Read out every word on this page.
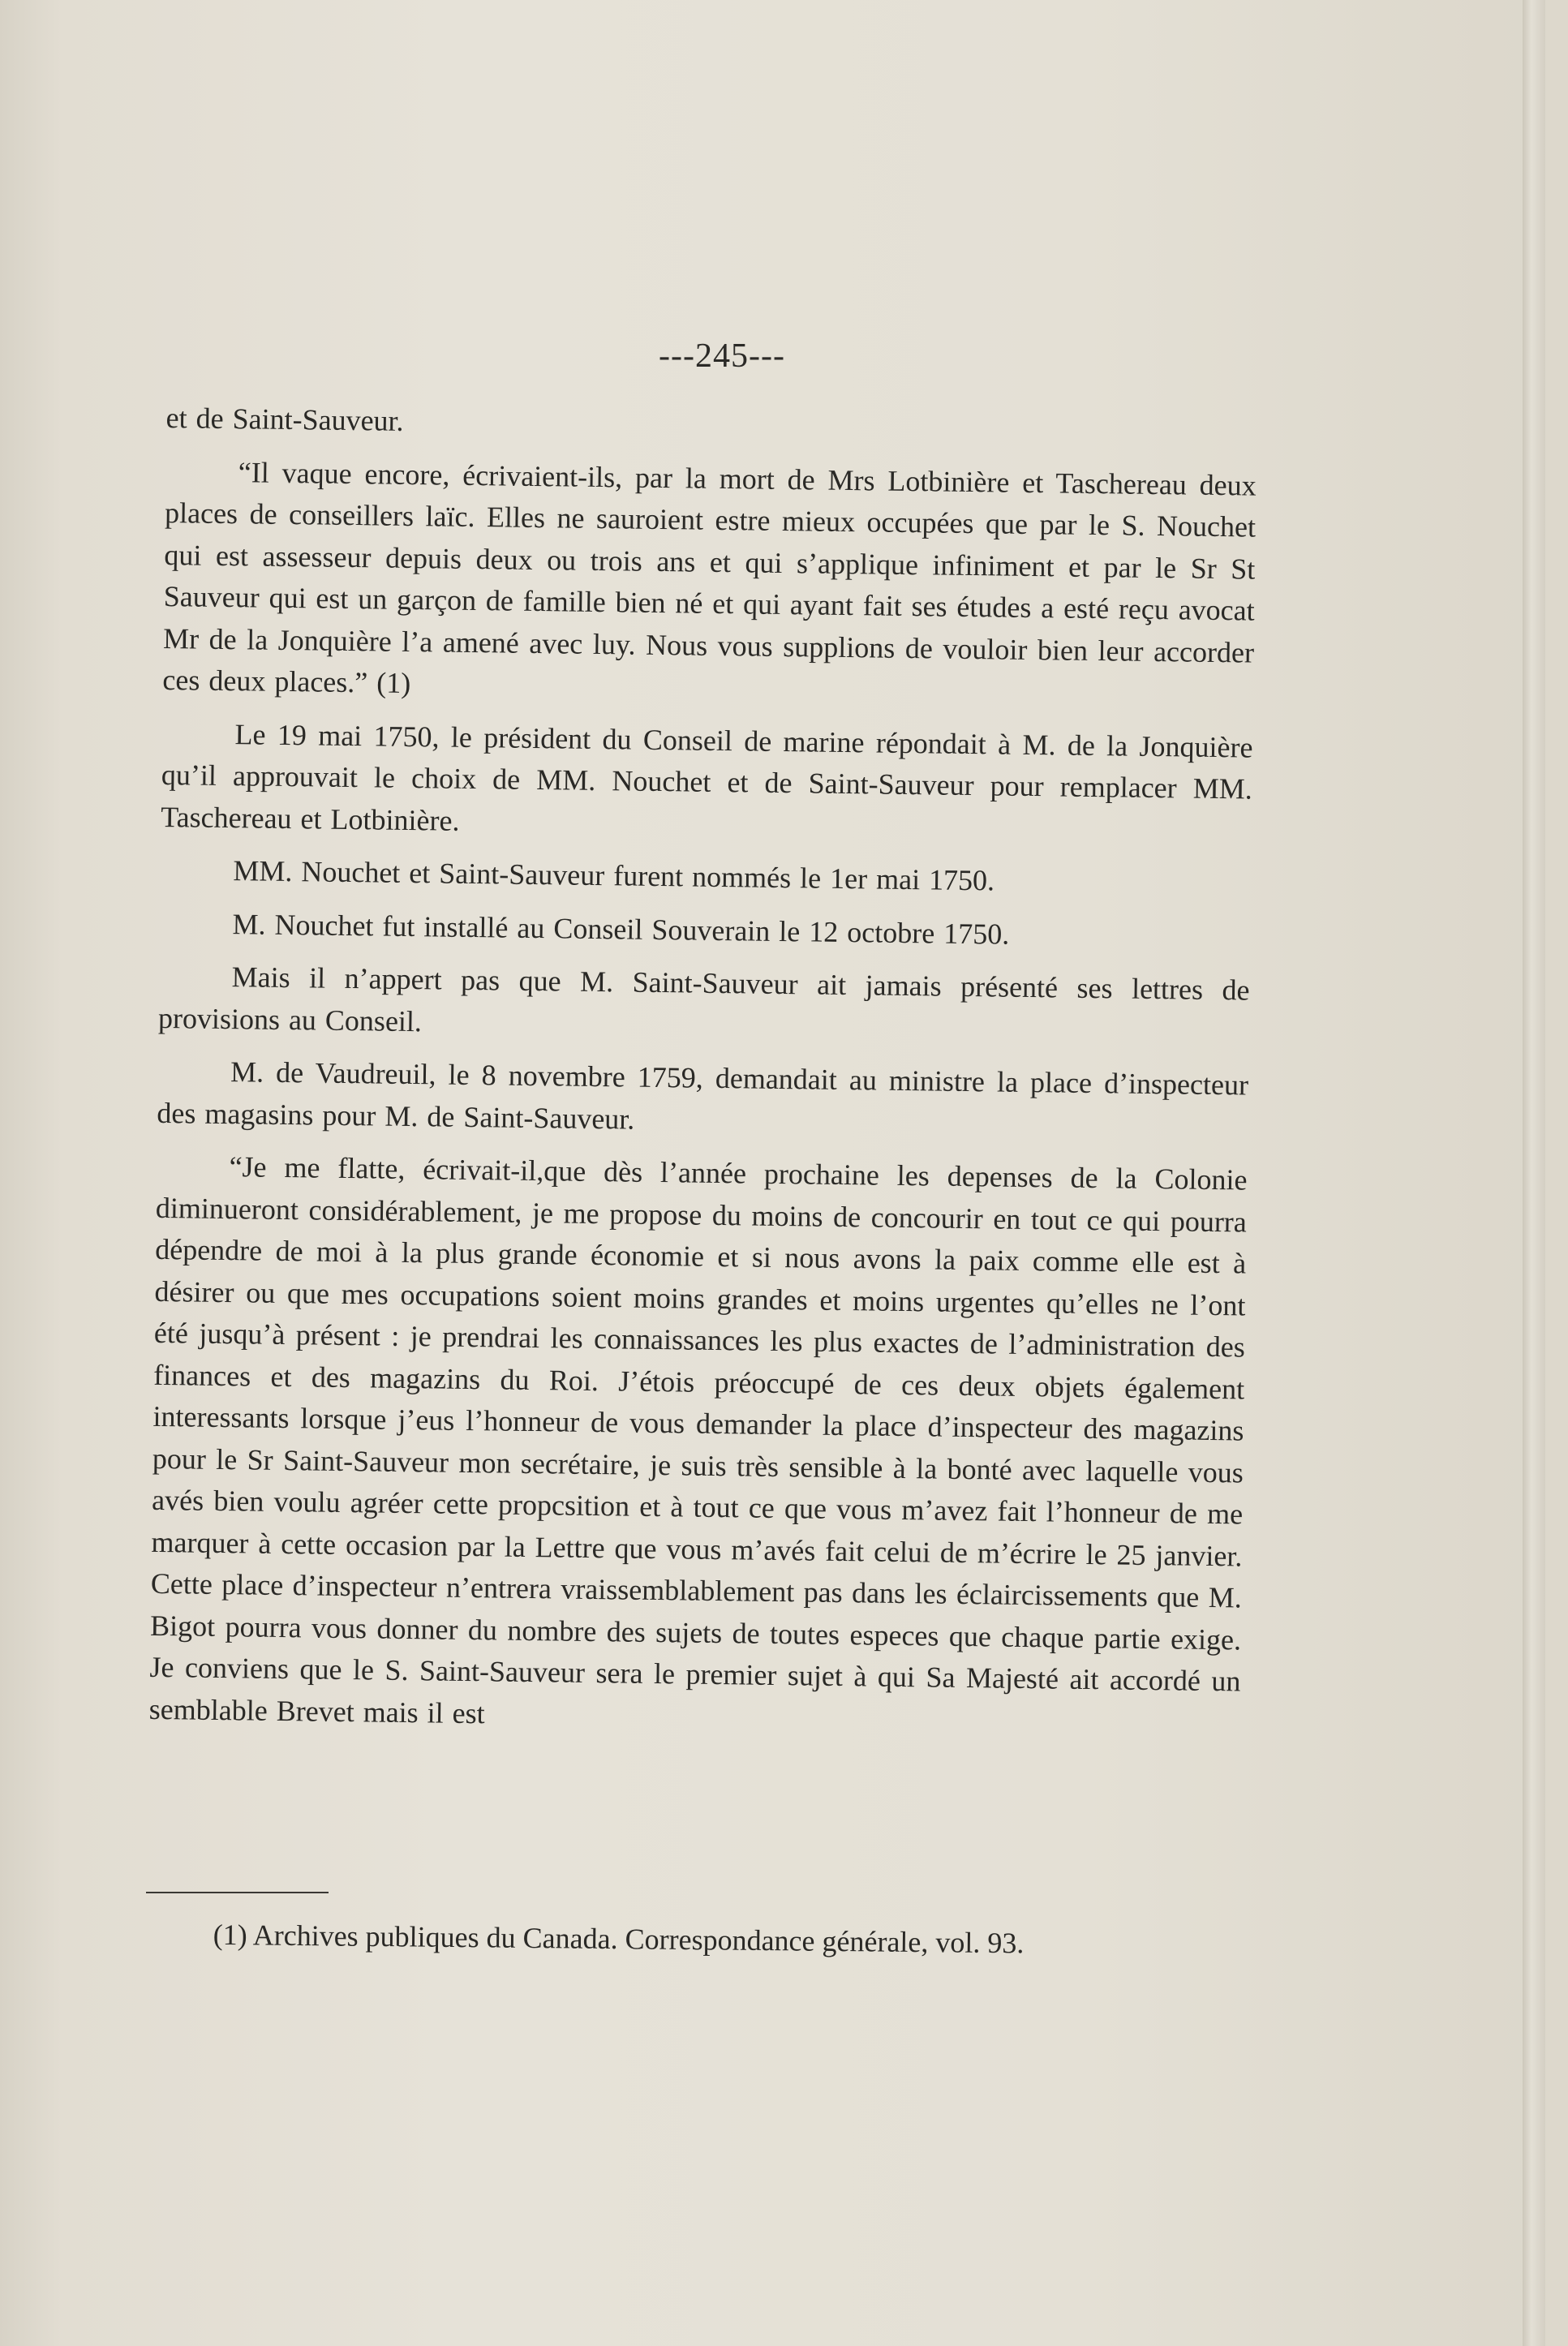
---245---

et de Saint-Sauveur.

“Il vaque encore, écrivaient-ils, par la mort de Mrs Lotbinière et Taschereau deux places de conseillers laïc. Elles ne sauroient estre mieux occupées que par le S. Nouchet qui est assesseur depuis deux ou trois ans et qui s’applique infiniment et par le Sr St Sauveur qui est un garçon de famille bien né et qui ayant fait ses études a esté reçu avocat Mr de la Jonquière l’a amené avec luy. Nous vous supplions de vouloir bien leur accorder ces deux places.” (1)

Le 19 mai 1750, le président du Conseil de marine répondait à M. de la Jonquière qu’il approuvait le choix de MM. Nouchet et de Saint-Sauveur pour remplacer MM. Taschereau et Lotbinière.

MM. Nouchet et Saint-Sauveur furent nommés le 1er mai 1750.

M. Nouchet fut installé au Conseil Souverain le 12 octobre 1750.

Mais il n’appert pas que M. Saint-Sauveur ait jamais présenté ses lettres de provisions au Conseil.

M. de Vaudreuil, le 8 novembre 1759, demandait au ministre la place d’inspecteur des magasins pour M. de Saint-Sauveur.

“Je me flatte, écrivait-il,que dès l’année prochaine les depenses de la Colonie diminueront considérablement, je me propose du moins de concourir en tout ce qui pourra dépendre de moi à la plus grande économie et si nous avons la paix comme elle est à désirer ou que mes occupations soient moins grandes et moins urgentes qu’elles ne l’ont été jusqu’à présent : je prendrai les connaissances les plus exactes de l’administration des finances et des magazins du Roi. J’étois préoccupé de ces deux objets également interessants lorsque j’eus l’honneur de vous demander la place d’inspecteur des magazins pour le Sr Saint-Sauveur mon secrétaire, je suis très sensible à la bonté avec laquelle vous avés bien voulu agréer cette propcsition et à tout ce que vous m’avez fait l’honneur de me marquer à cette occasion par la Lettre que vous m’avés fait celui de m’écrire le 25 janvier. Cette place d’inspecteur n’entrera vraissemblablement pas dans les éclaircissements que M. Bigot pourra vous donner du nombre des sujets de toutes especes que chaque partie exige. Je conviens que le S. Saint-Sauveur sera le premier sujet à qui Sa Majesté ait accordé un semblable Brevet mais il est

(1) Archives publiques du Canada. Correspondance générale, vol. 93.
